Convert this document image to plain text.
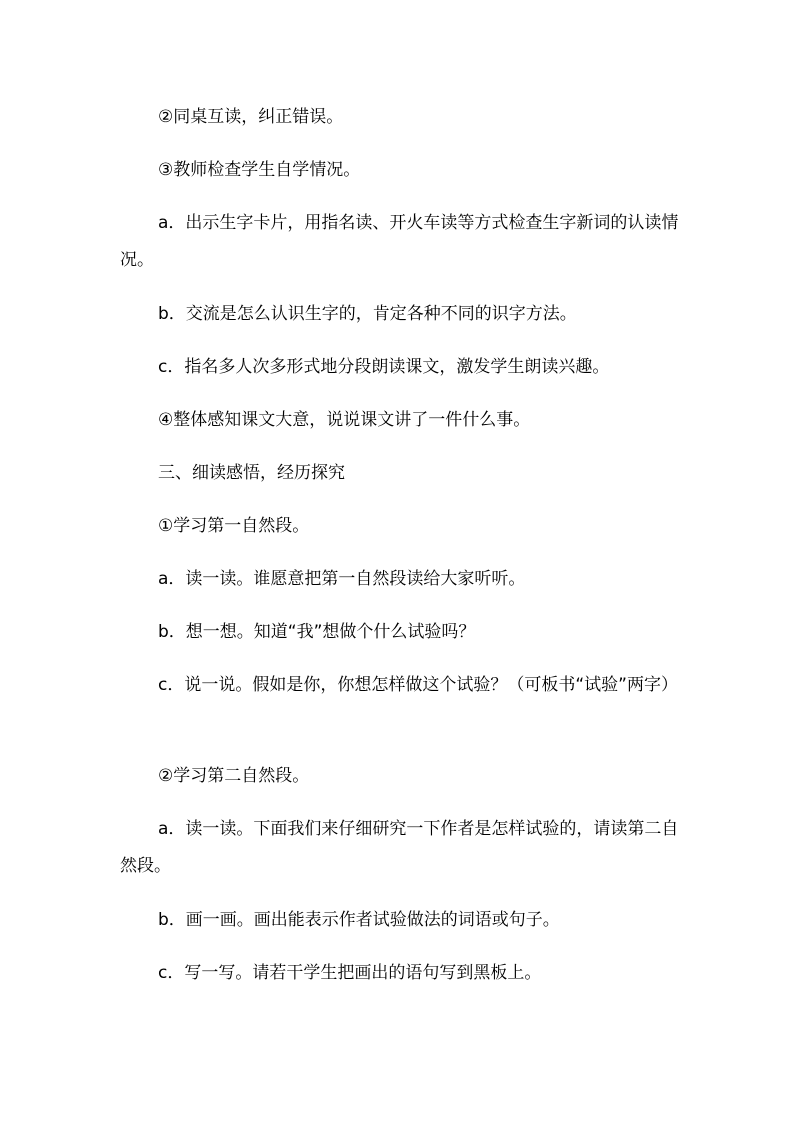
②同桌互读，纠正错误。

③教师检查学生自学情况。

a．出示生字卡片，用指名读、开火车读等方式检查生字新词的认读情况。

b．交流是怎么认识生字的，肯定各种不同的识字方法。

c．指名多人次多形式地分段朗读课文，激发学生朗读兴趣。

④整体感知课文大意，说说课文讲了一件什么事。

三、细读感悟，经历探究

①学习第一自然段。

a．读一读。谁愿意把第一自然段读给大家听听。

b．想一想。知道“我”想做个什么试验吗？

c．说一说。假如是你，你想怎样做这个试验？（可板书“试验”两字）

②学习第二自然段。

a．读一读。下面我们来仔细研究一下作者是怎样试验的，请读第二自然段。

b．画一画。画出能表示作者试验做法的词语或句子。

c．写一写。请若干学生把画出的语句写到黑板上。
